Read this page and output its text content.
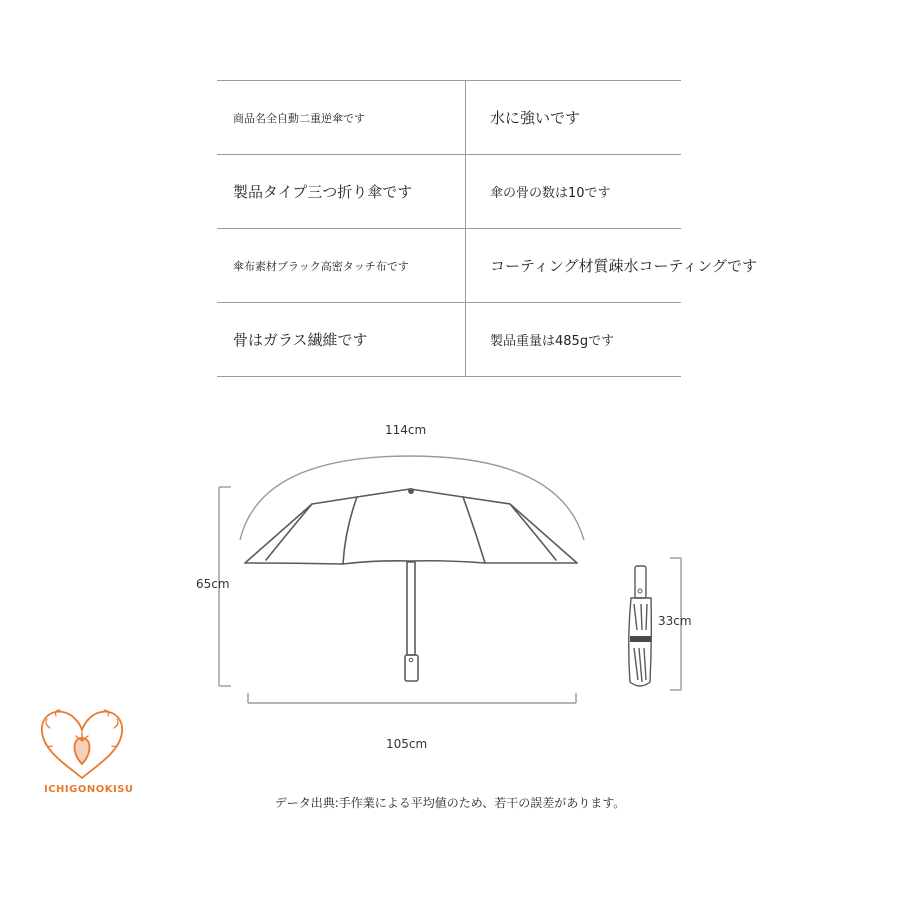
商品名全自動二重逆傘です	水に強いです
製品タイプ三つ折り傘です	傘の骨の数は10です
傘布素材ブラック高密タッチ布です	コーティング材質疎水コーティングです
骨はガラス繊維です	製品重量は485gです
114cm
65cm
105cm
33cm
ICHIGONOKISU
データ出典:手作業による平均値のため、若干の誤差があります。
